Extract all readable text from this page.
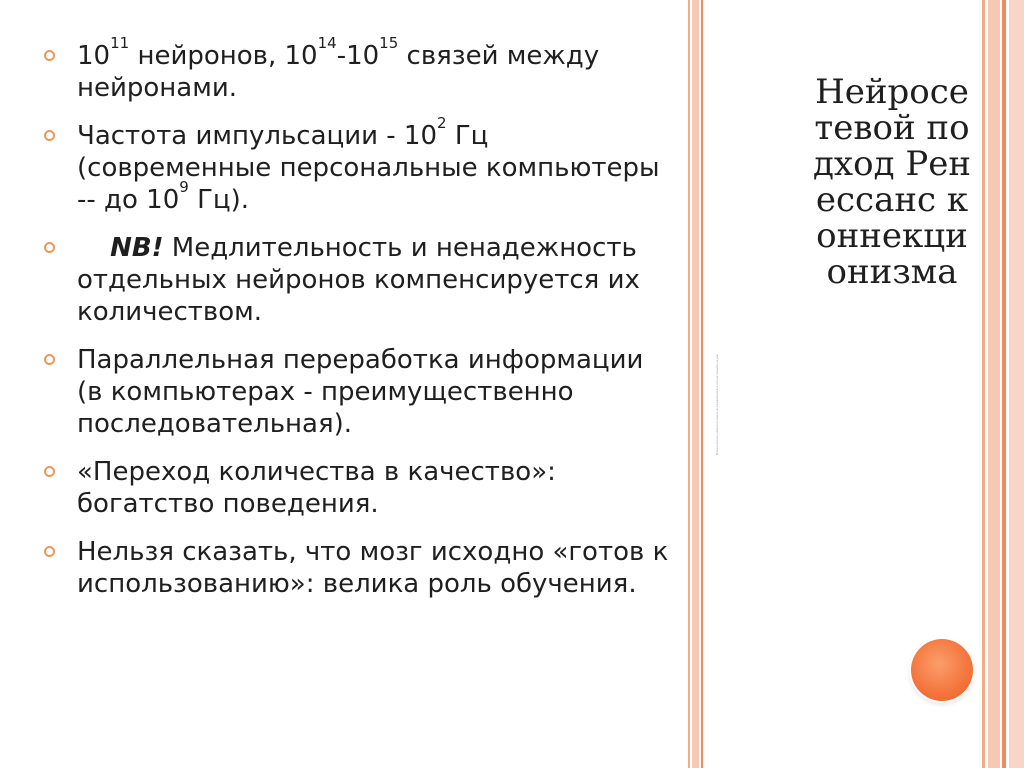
$10^{11}$ нейронов, $10^{14}-10^{15}$ связей между нейронами.
Частота импульсации - $10^2$ Гц (современные персональные компьютеры -- до $10^9$ Гц).
NB! Медлительность и ненадежность отдельных нейронов компенсируется их количеством.
Параллельная переработка информации (в компьютерах - преимущественно последовательная).
«Переход количества в качество»: богатство поведения.
Нельзя сказать, что мозг исходно «готов к использованию»: велика роль обучения.
Новая волна нейросетевых исследований в когнитивной науке
Нейросетевой подход Ренессанс коннекционизма
